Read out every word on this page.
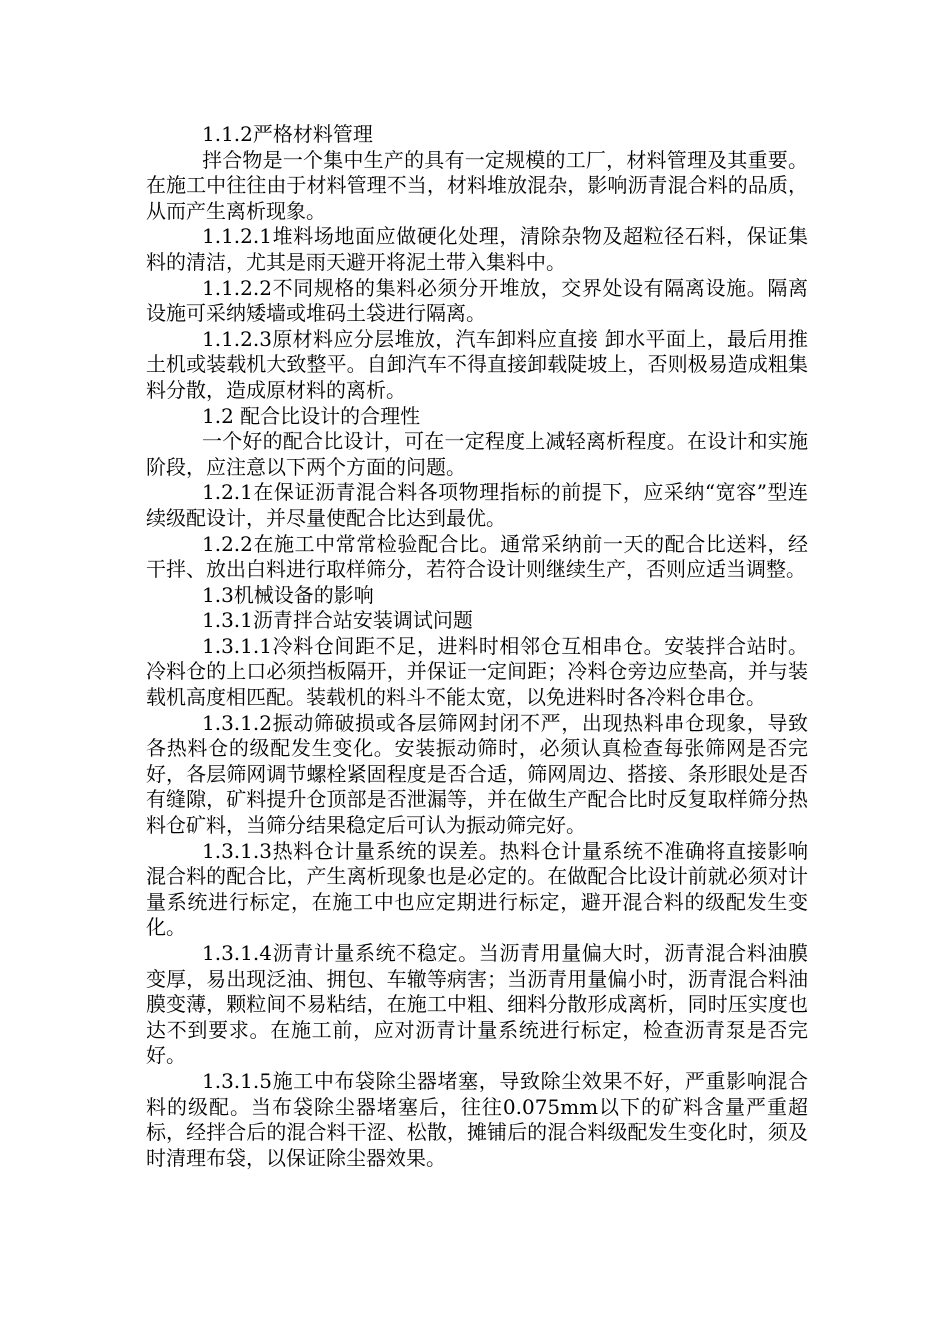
1.1.2严格材料管理

拌合物是一个集中生产的具有一定规模的工厂，材料管理及其重要。在施工中往往由于材料管理不当，材料堆放混杂，影响沥青混合料的品质，从而产生离析现象。

1.1.2.1堆料场地面应做硬化处理，清除杂物及超粒径石料，保证集料的清洁，尤其是雨天避开将泥土带入集料中。

1.1.2.2不同规格的集料必须分开堆放，交界处设有隔离设施。隔离设施可采纳矮墙或堆码土袋进行隔离。

1.1.2.3原材料应分层堆放，汽车卸料应直接 卸水平面上，最后用推土机或装载机大致整平。自卸汽车不得直接卸载陡坡上，否则极易造成粗集料分散，造成原材料的离析。

1.2 配合比设计的合理性

一个好的配合比设计，可在一定程度上减轻离析程度。在设计和实施阶段，应注意以下两个方面的问题。

1.2.1在保证沥青混合料各项物理指标的前提下，应采纳“宽容”型连续级配设计，并尽量使配合比达到最优。

1.2.2在施工中常常检验配合比。通常采纳前一天的配合比送料，经干拌、放出白料进行取样筛分，若符合设计则继续生产，否则应适当调整。

1.3机械设备的影响

1.3.1沥青拌合站安装调试问题

1.3.1.1冷料仓间距不足，进料时相邻仓互相串仓。安装拌合站时。冷料仓的上口必须挡板隔开，并保证一定间距；冷料仓旁边应垫高，并与装载机高度相匹配。装载机的料斗不能太宽，以免进料时各冷料仓串仓。

1.3.1.2振动筛破损或各层筛网封闭不严，出现热料串仓现象，导致各热料仓的级配发生变化。安装振动筛时，必须认真检查每张筛网是否完好，各层筛网调节螺栓紧固程度是否合适，筛网周边、搭接、条形眼处是否有缝隙，矿料提升仓顶部是否泄漏等，并在做生产配合比时反复取样筛分热料仓矿料，当筛分结果稳定后可认为振动筛完好。

1.3.1.3热料仓计量系统的误差。热料仓计量系统不准确将直接影响混合料的配合比，产生离析现象也是必定的。在做配合比设计前就必须对计量系统进行标定，在施工中也应定期进行标定，避开混合料的级配发生变化。

1.3.1.4沥青计量系统不稳定。当沥青用量偏大时，沥青混合料油膜变厚，易出现泛油、拥包、车辙等病害；当沥青用量偏小时，沥青混合料油膜变薄，颗粒间不易粘结，在施工中粗、细料分散形成离析，同时压实度也达不到要求。在施工前，应对沥青计量系统进行标定，检查沥青泵是否完好。

1.3.1.5施工中布袋除尘器堵塞，导致除尘效果不好，严重影响混合料的级配。当布袋除尘器堵塞后，往往0.075mm以下的矿料含量严重超标，经拌合后的混合料干涩、松散，摊铺后的混合料级配发生变化时，须及时清理布袋，以保证除尘器效果。
